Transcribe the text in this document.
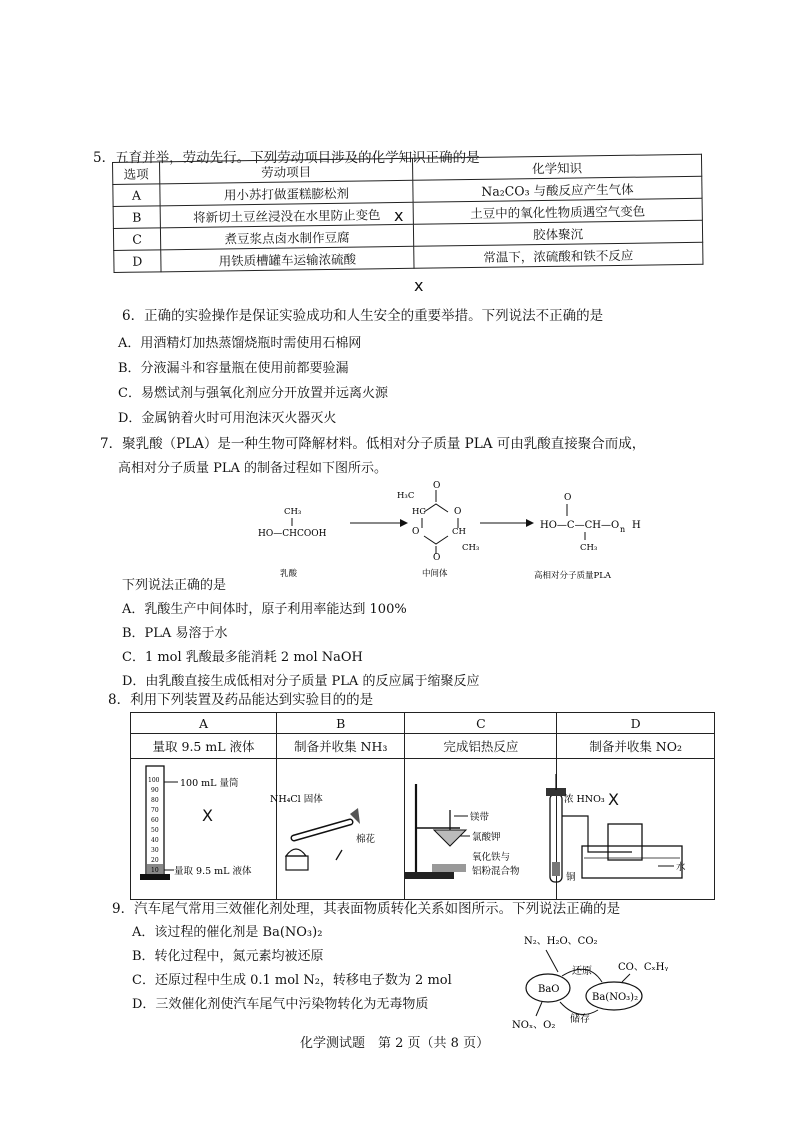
5．五育并举，劳动先行。下列劳动项目涉及的化学知识正确的是
选项	劳动项目	化学知识
A	用小苏打做蛋糕膨松剂	Na₂CO₃ 与酸反应产生气体
B	将新切土豆丝浸没在水里防止变色	土豆中的氧化性物质遇空气变色
C	煮豆浆点卤水制作豆腐	胶体聚沉
D	用铁质槽罐车运输浓硫酸	常温下，浓硫酸和铁不反应
x
x
6．正确的实验操作是保证实验成功和人生安全的重要举措。下列说法不正确的是
A．用酒精灯加热蒸馏烧瓶时需使用石棉网
B．分液漏斗和容量瓶在使用前都要验漏
C．易燃试剂与强氧化剂应分开放置并远离火源
D．金属钠着火时可用泡沫灭火器灭火
7．聚乳酸（PLA）是一种生物可降解材料。低相对分子质量 PLA 可由乳酸直接聚合而成，
高相对分子质量 PLA 的制备过程如下图所示。
CH₃
HO—CHCOOH
O
H₃C
HC
CH
CH₃
O
O
O
O
HO—C—CH—O n H
CH₃
乳酸	中间体	高相对分子质量PLA
下列说法正确的是
A．乳酸生产中间体时，原子利用率能达到 100%
B．PLA 易溶于水
C．1 mol 乳酸最多能消耗 2 mol NaOH
D．由乳酸直接生成低相对分子质量 PLA 的反应属于缩聚反应
8．利用下列装置及药品能达到实验目的的是
A	B	C	D
量取 9.5 mL 液体	制备并收集 NH₃	完成铝热反应	制备并收集 NO₂

100
90
80
70
60
50
40
30
20
10
100 mL 量筒
量取 9.5 mL 液体
X
NH₄Cl 固体
棉花
镁带
氯酸钾
氧化铁与
铝粉混合物
浓 HNO₃
铜
水
X
9．汽车尾气常用三效催化剂处理，其表面物质转化关系如图所示。下列说法正确的是
A．该过程的催化剂是 Ba(NO₃)₂
B．转化过程中，氮元素均被还原
C．还原过程中生成 0.1 mol N₂，转移电子数为 2 mol
D．三效催化剂使汽车尾气中污染物转化为无毒物质
N₂、H₂O、CO₂
还原	CO、CₓHᵧ
BaO
Ba(NO₃)₂
储存
NOₓ、O₂
化学测试题　第 2 页（共 8 页）
